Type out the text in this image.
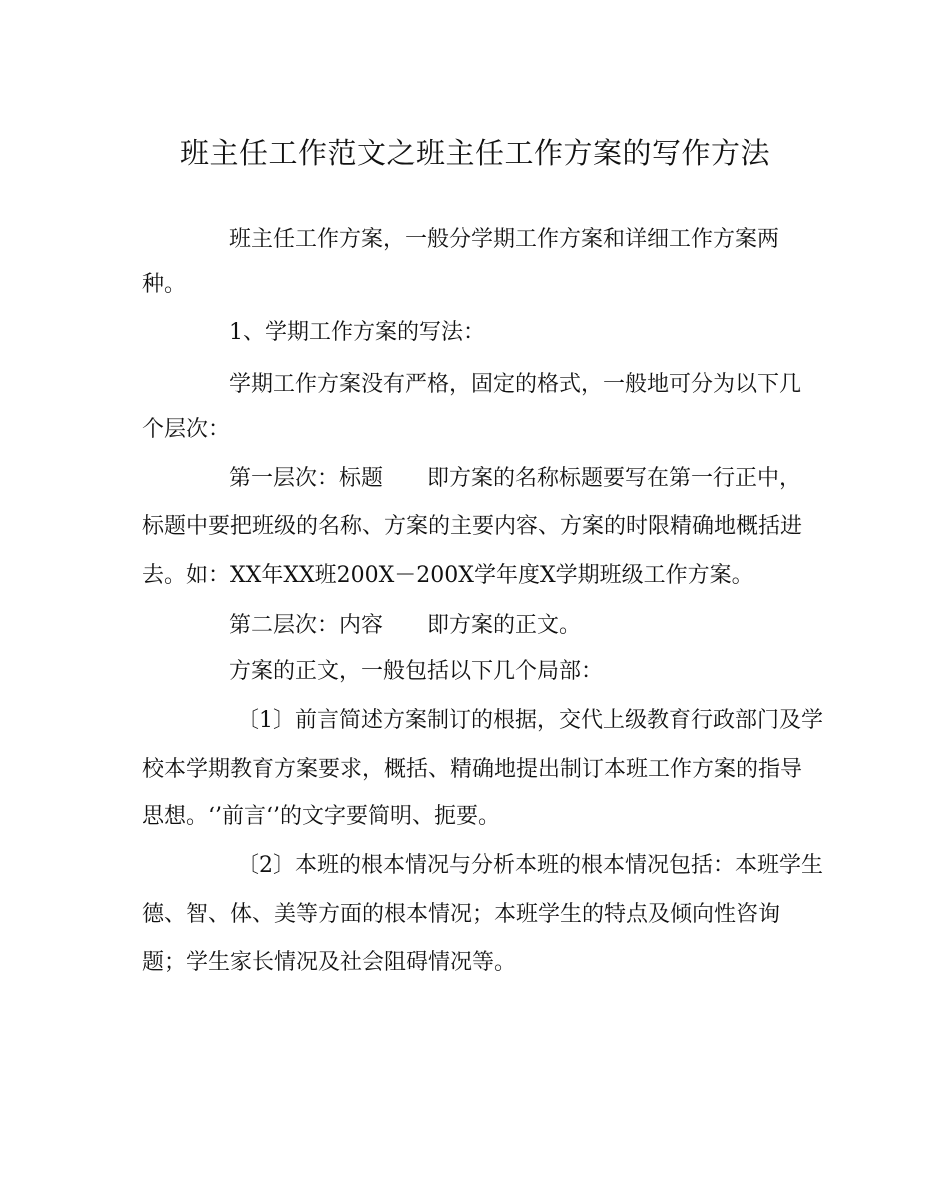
班主任工作范文之班主任工作方案的写作方法
班主任工作方案，一般分学期工作方案和详细工作方案两
种。
1、学期工作方案的写法：
学期工作方案没有严格，固定的格式，一般地可分为以下几
个层次：
第一层次：标题　　即方案的名称标题要写在第一行正中，
标题中要把班级的名称、方案的主要内容、方案的时限精确地概括进
去。如：XX年XX班200X－200X学年度X学期班级工作方案。
第二层次：内容　　即方案的正文。
方案的正文，一般包括以下几个局部：
〔1〕前言简述方案制订的根据，交代上级教育行政部门及学
校本学期教育方案要求，概括、精确地提出制订本班工作方案的指导
思想。‘’前言‘’的文字要简明、扼要。
〔2〕本班的根本情况与分析本班的根本情况包括：本班学生
德、智、体、美等方面的根本情况；本班学生的特点及倾向性咨询
题；学生家长情况及社会阻碍情况等。
